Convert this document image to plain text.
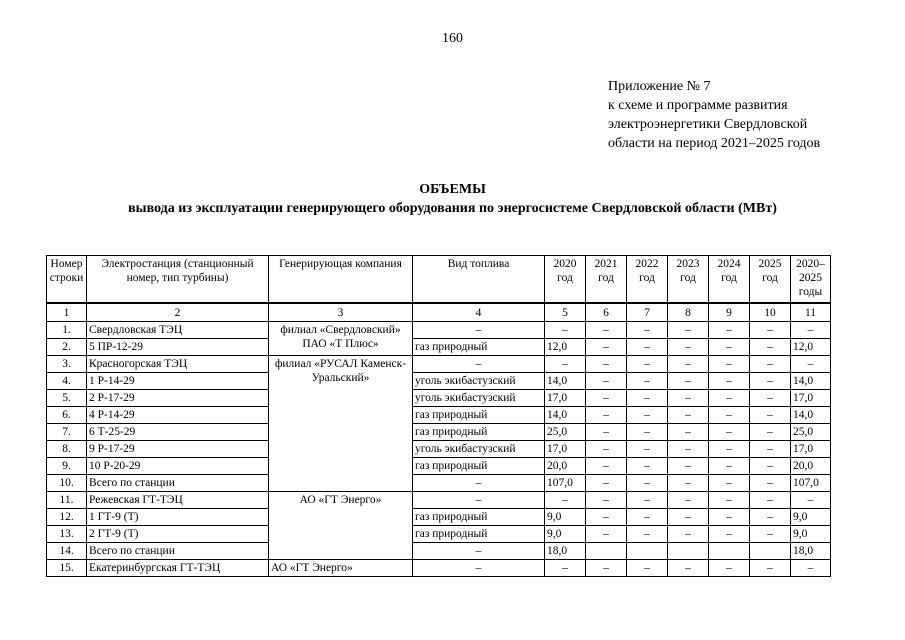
160
Приложение № 7
к схеме и программе развития
электроэнергетики Свердловской
области на период 2021–2025 годов
ОБЪЕМЫ
вывода из эксплуатации генерирующего оборудования по энергосистеме Свердловской области (МВт)
Номер строки	Электростанция (станционный номер, тип турбины)	Генерирующая компания	Вид топлива	2020 год	2021 год	2022 год	2023 год	2024 год	2025 год	2020–2025 годы
1	2	3	4	5	6	7	8	9	10	11
1.	Свердловская ТЭЦ	филиал «Свердловский» ПАО «Т Плюс»	–	–	–	–	–	–	–	–
2.	5 ПР-12-29		газ природный	12,0	–	–	–	–	–	12,0
3.	Красногорская ТЭЦ	филиал «РУСАЛ Каменск-Уральский»	–	–	–	–	–	–	–	–
4.	1 Р-14-29		уголь экибастузский	14,0	–	–	–	–	–	14,0
5.	2 Р-17-29		уголь экибастузский	17,0	–	–	–	–	–	17,0
6.	4 Р-14-29		газ природный	14,0	–	–	–	–	–	14,0
7.	6 Т-25-29		газ природный	25,0	–	–	–	–	–	25,0
8.	9 Р-17-29		уголь экибастузский	17,0	–	–	–	–	–	17,0
9.	10 Р-20-29		газ природный	20,0	–	–	–	–	–	20,0
10.	Всего по станции		–	107,0	–	–	–	–	–	107,0
11.	Режевская ГТ-ТЭЦ	АО «ГТ Энерго»	–	–	–	–	–	–	–	–
12.	1 ГТ-9 (Т)		газ природный	9,0	–	–	–	–	–	9,0
13.	2 ГТ-9 (Т)		газ природный	9,0	–	–	–	–	–	9,0
14.	Всего по станции		–	18,0						18,0
15.	Екатеринбургская ГТ-ТЭЦ	АО «ГТ Энерго»	–	–	–	–	–	–	–	–
